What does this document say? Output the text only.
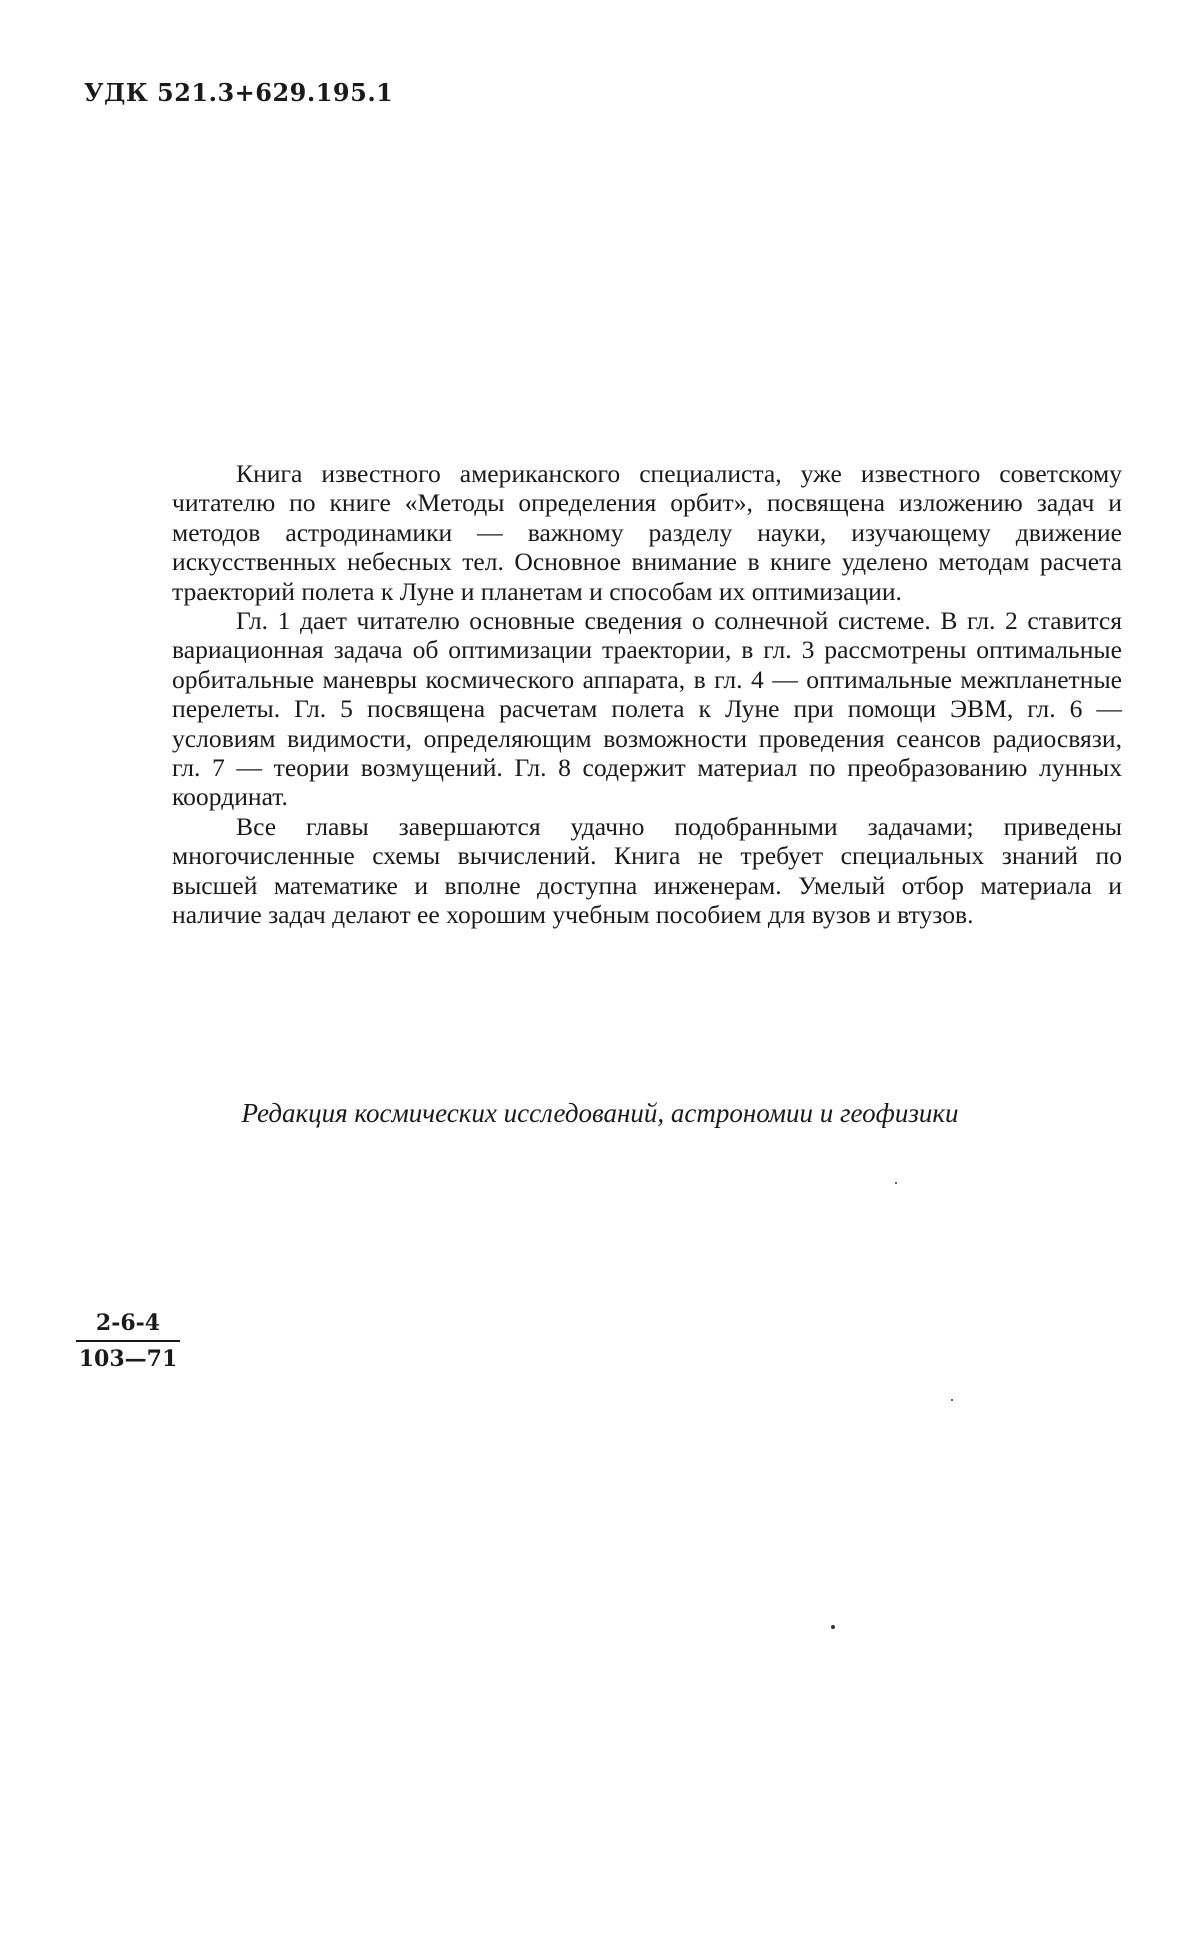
УДК 521.3+629.195.1

Книга известного американского специалиста, уже известного советскому читателю по книге «Методы определения орбит», посвящена изложению задач и методов астродинамики — важному разделу науки, изучающему движение искусственных небесных тел. Основное внимание в книге уделено методам расчета траекторий полета к Луне и планетам и способам их оптимизации.

Гл. 1 дает читателю основные сведения о солнечной системе. В гл. 2 ставится вариационная задача об оптимизации траектории, в гл. 3 рассмотрены оптимальные орбитальные маневры космического аппарата, в гл. 4 — оптимальные межпланетные перелеты. Гл. 5 посвящена расчетам полета к Луне при помощи ЭВМ, гл. 6 — условиям видимости, определяющим возможности проведения сеансов радиосвязи, гл. 7 — теории возмущений. Гл. 8 содержит материал по преобразованию лунных координат.

Все главы завершаются удачно подобранными задачами; приведены многочисленные схемы вычислений. Книга не требует специальных знаний по высшей математике и вполне доступна инженерам. Умелый отбор материала и наличие задач делают ее хорошим учебным пособием для вузов и втузов.

Редакция космических исследований, астрономии и геофизики
$\frac{2-6-4}{103—71}$
